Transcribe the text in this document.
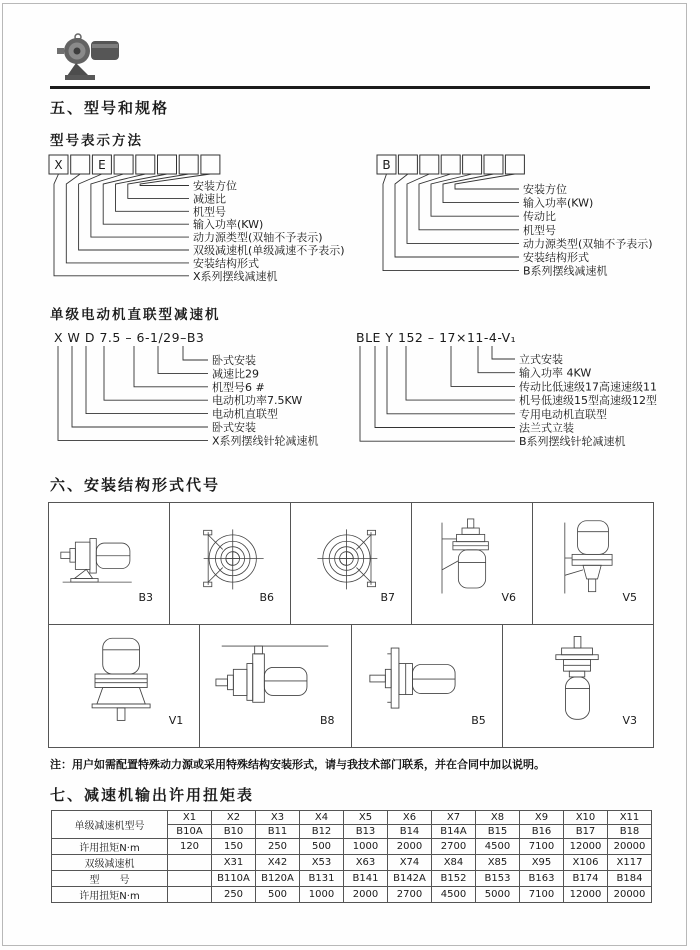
五、型号和规格
型号表示方法
X	E
安装方位
减速比
机型号
输入功率(KW)
动力源类型(双轴不予表示)
双级减速机(单级减速不予表示)
安装结构形式
X系列摆线减速机
B
安装方位
输入功率(KW)
传动比
机型号
动力源类型(双轴不予表示)
安装结构形式
B系列摆线减速机
单级电动机直联型减速机
X W D 7.5 – 6-1/29–B3
卧式安装
减速比29
机型号6 #
电动机功率7.5KW
电动机直联型
卧式安装
X系列摆线针轮减速机
BLE Y 152 – 17×11-4-V₁
立式安装
输入功率 4KW
传动比低速级17高速速级11
机号低速级15型高速级12型
专用电动机直联型
法兰式立装
B系列摆线针轮减速机
六、安装结构形式代号
B3	B6	B7	V6	V5
V1	B8	B5	V3
注：用户如需配置特殊动力源或采用特殊结构安装形式，请与我技术部门联系，并在合同中加以说明。
七、减速机输出许用扭矩表
单级减速机型号	X1	X2	X3	X4	X5	X6	X7	X8	X9	X10	X11
	B10A	B10	B11	B12	B13	B14	B14A	B15	B16	B17	B18
许用扭矩N·m	120	150	250	500	1000	2000	2700	4500	7100	12000	20000
双级减速机		X31	X42	X53	X63	X74	X84	X85	X95	X106	X117
型　　号		B110A	B120A	B131	B141	B142A	B152	B153	B163	B174	B184
许用扭矩N·m		250	500	1000	2000	2700	4500	5000	7100	12000	20000
